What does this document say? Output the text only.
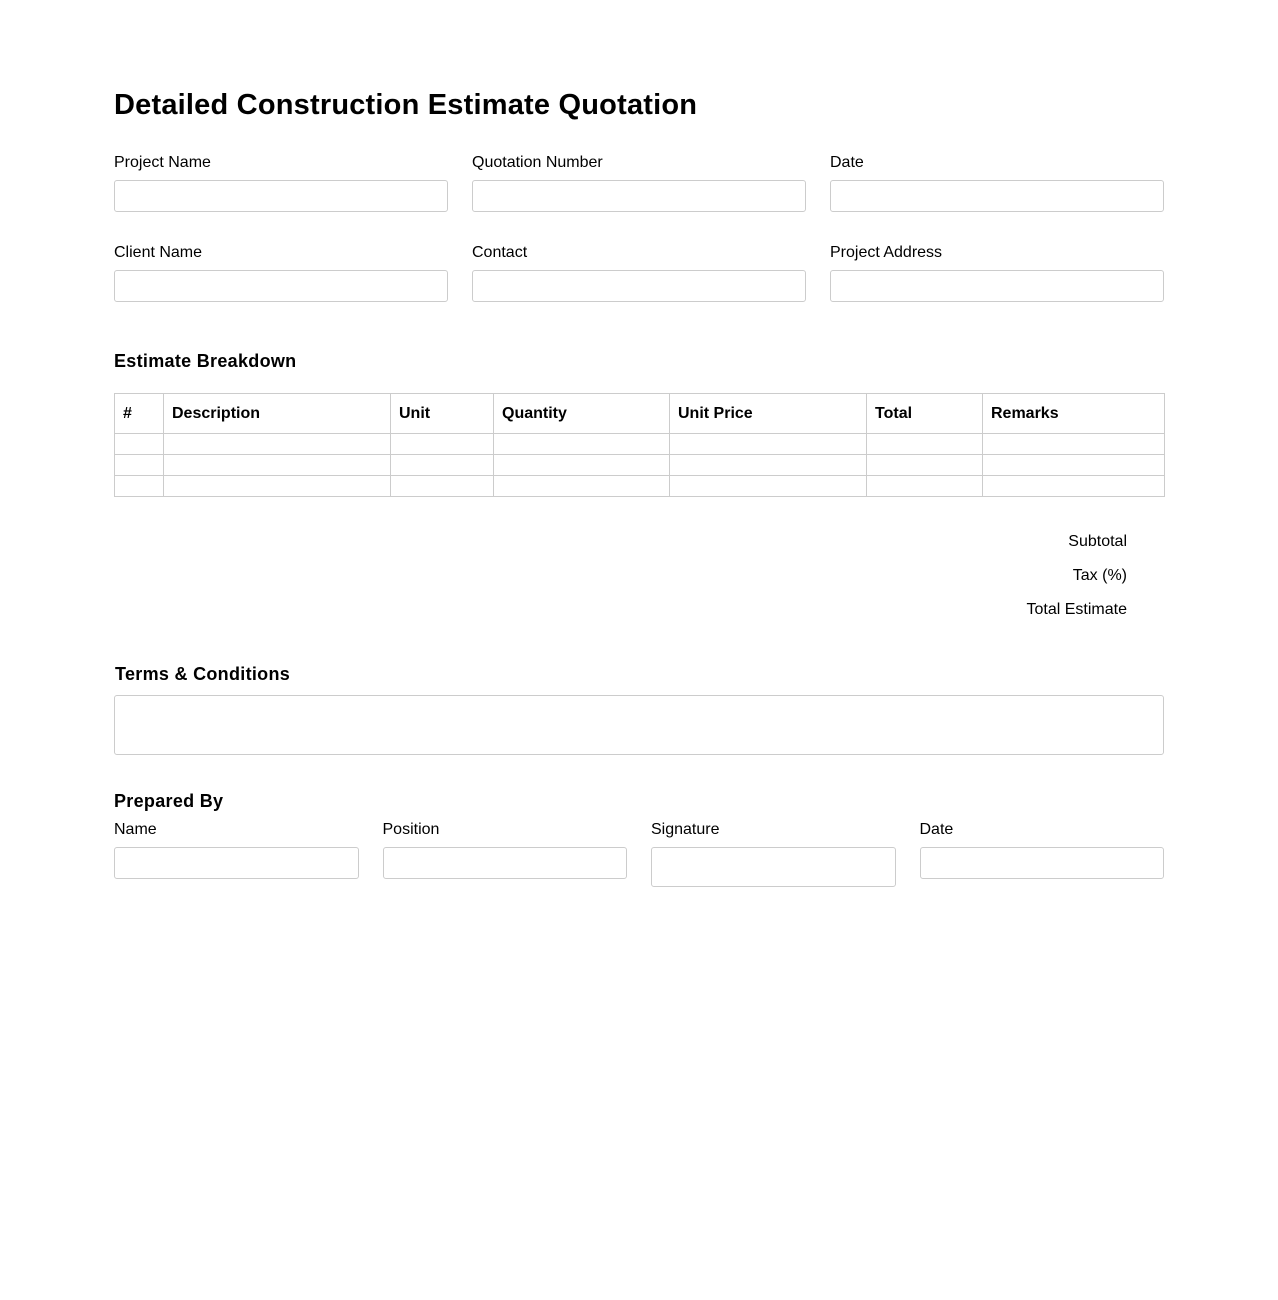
Detailed Construction Estimate Quotation
Project Name	Quotation Number	Date
Client Name	Contact	Project Address
Estimate Breakdown
#	Description	Unit	Quantity	Unit Price	Total	Remarks

Subtotal
Tax (%)
Total Estimate
Terms & Conditions
Prepared By
Name	Position	Signature	Date
